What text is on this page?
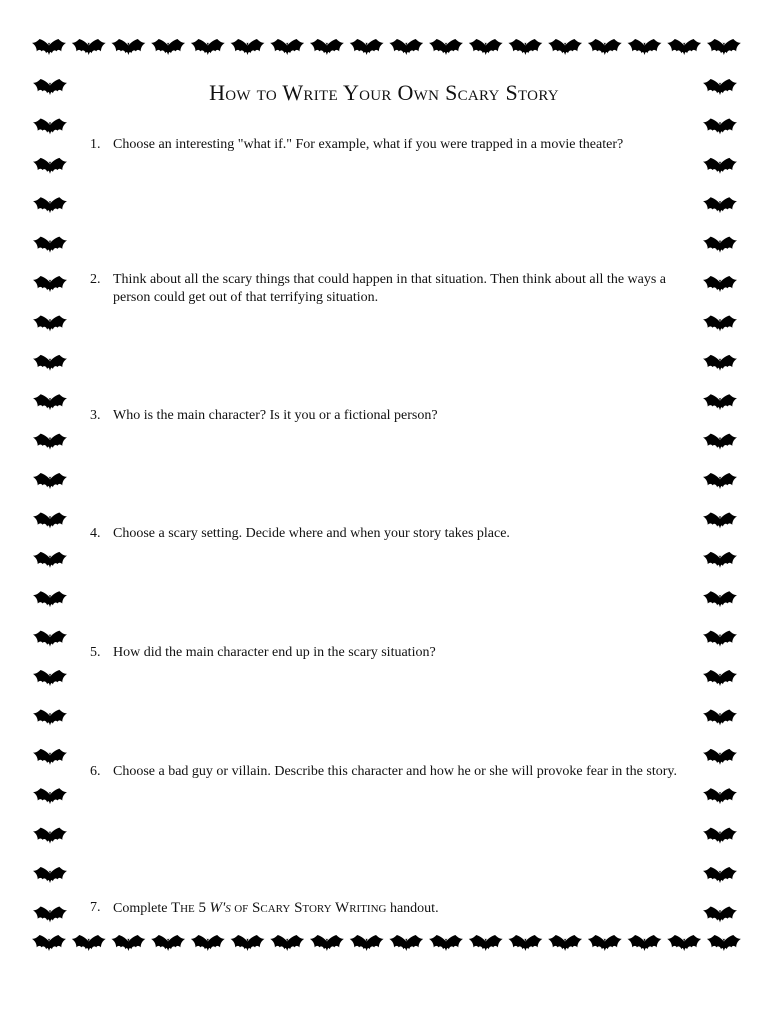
How to Write Your Own Scary Story
1. Choose an interesting "what if." For example, what if you were trapped in a movie theater?
2. Think about all the scary things that could happen in that situation. Then think about all the ways a person could get out of that terrifying situation.
3. Who is the main character? Is it you or a fictional person?
4. Choose a scary setting. Decide where and when your story takes place.
5. How did the main character end up in the scary situation?
6. Choose a bad guy or villain. Describe this character and how he or she will provoke fear in the story.
7. Complete The 5 W's of Scary Story Writing handout.
